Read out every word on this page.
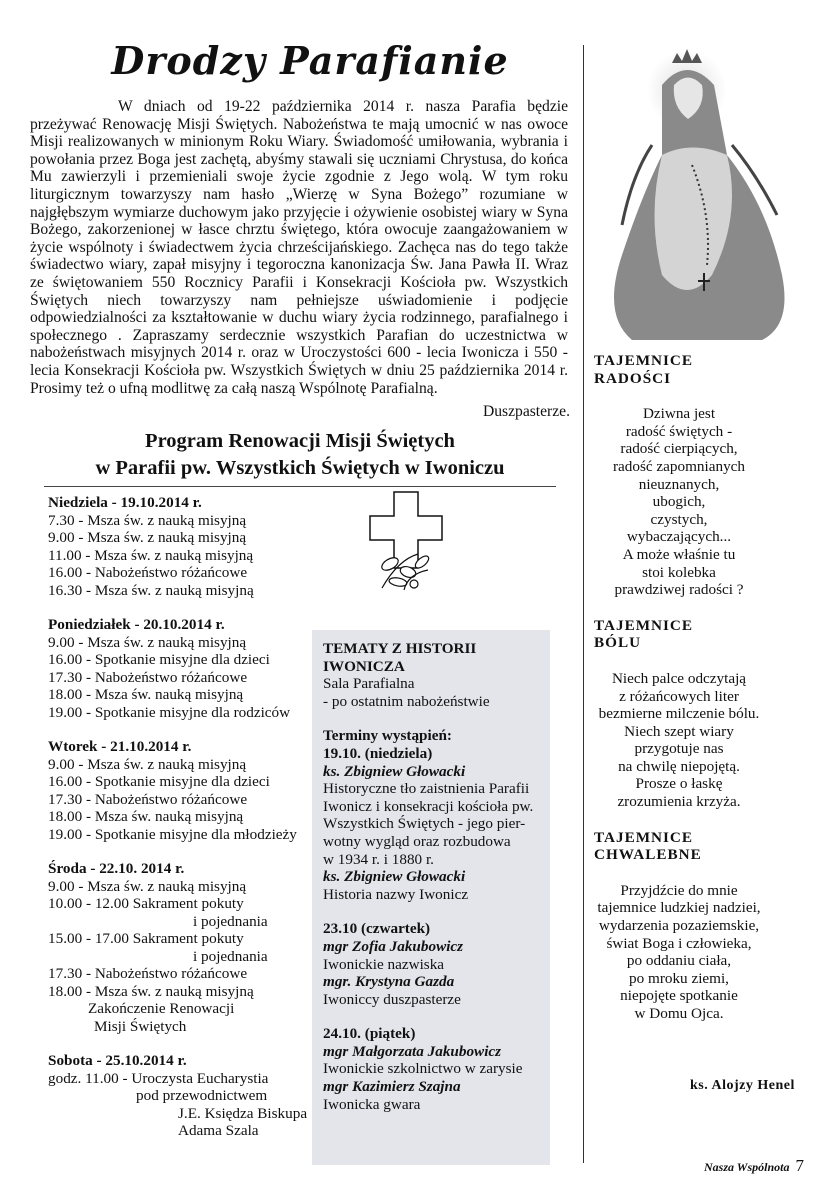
Drodzy Parafianie

W dniach od 19-22 października 2014 r. nasza Parafia będzie przeżywać Renowację Misji Świętych. Nabożeństwa te mają umocnić w nas owoce Misji realizowanych w minionym Roku Wiary. Świadomość umiłowania, wybrania i powołania przez Boga jest zachętą, abyśmy stawali się uczniami Chrystusa, do końca Mu zawierzyli i przemieniali swoje życie zgodnie z Jego wolą. W tym roku liturgicznym towarzyszy nam hasło „Wierzę w Syna Bożego” rozumiane w najgłębszym wymiarze duchowym jako przyjęcie i ożywienie osobistej wiary w Syna Bożego, zakorzenionej w łasce chrztu świętego, która owocuje zaangażowaniem w życie wspólnoty i świadectwem życia chrześcijańskiego. Zachęca nas do tego także świadectwo wiary, zapał misyjny i tegoroczna kanonizacja Św. Jana Pawła II. Wraz ze świętowaniem 550 Rocznicy Parafii i Konsekracji Kościoła pw. Wszystkich Świętych niech towarzyszy nam pełniejsze uświadomienie i podjęcie odpowiedzialności za kształtowanie w duchu wiary życia rodzinnego, parafialnego i społecznego . Zapraszamy serdecznie wszystkich Parafian do uczestnictwa w nabożeństwach misyjnych 2014 r. oraz w Uroczystości 600 - lecia Iwonicza i 550 - lecia Konsekracji Kościoła pw. Wszystkich Świętych w dniu 25 października 2014 r. Prosimy też o ufną modlitwę za całą naszą Wspólnotę Parafialną.

Duszpasterze.
Program Renowacji Misji Świętych
w Parafii pw. Wszystkich Świętych w Iwoniczu
Niedziela - 19.10.2014 r.
7.30 - Msza św. z nauką misyjną
9.00 - Msza św. z nauką misyjną
11.00 - Msza św. z nauką misyjną
16.00 - Nabożeństwo różańcowe
16.30 - Msza św. z nauką misyjną
Poniedziałek - 20.10.2014 r.
9.00 - Msza św. z nauką misyjną
16.00 - Spotkanie misyjne dla dzieci
17.30 - Nabożeństwo różańcowe
18.00 - Msza św. nauką misyjną
19.00 - Spotkanie misyjne dla rodziców
Wtorek - 21.10.2014 r.
9.00 - Msza św. z nauką misyjną
16.00 - Spotkanie misyjne dla dzieci
17.30 - Nabożeństwo różańcowe
18.00 - Msza św. nauką misyjną
19.00 - Spotkanie misyjne dla młodzieży
Środa - 22.10. 2014 r.
9.00 - Msza św. z nauką misyjną
10.00 - 12.00 Sakrament pokuty
i pojednania
15.00 - 17.00 Sakrament pokuty
i pojednania
17.30 - Nabożeństwo różańcowe
18.00 - Msza św. z nauką misyjną
Zakończenie Renowacji
Misji Świętych
Sobota - 25.10.2014 r.
godz. 11.00 - Uroczysta Eucharystia
pod przewodnictwem
J.E. Księdza Biskupa
Adama Szala
TEMATY Z HISTORII
IWONICZA
Sala Parafialna
- po ostatnim nabożeństwie
Terminy wystąpień:
19.10. (niedziela)
ks. Zbigniew Głowacki
Historyczne tło zaistnienia Parafii
Iwonicz i konsekracji kościoła pw.
Wszystkich Świętych - jego pier-
wotny wygląd oraz rozbudowa
w 1934 r. i 1880 r.
ks. Zbigniew Głowacki
Historia nazwy Iwonicz
23.10 (czwartek)
mgr Zofia Jakubowicz
Iwonickie nazwiska
mgr. Krystyna Gazda
Iwoniccy duszpasterze
24.10. (piątek)
mgr Małgorzata Jakubowicz
Iwonickie szkolnictwo w zarysie
mgr Kazimierz Szajna
Iwonicka gwara
TAJEMNICE
RADOŚCI
Dziwna jest
radość świętych -
radość cierpiących,
radość zapomnianych
nieuznanych,
ubogich,
czystych,
wybaczających...
A może właśnie tu
stoi kolebka
prawdziwej radości ?
TAJEMNICE
BÓLU
Niech palce odczytają
z różańcowych liter
bezmierne milczenie bólu.
Niech szept wiary
przygotuje nas
na chwilę niepojętą.
Prosze o łaskę
zrozumienia krzyża.
TAJEMNICE
CHWALEBNE
Przyjdźcie do mnie
tajemnice ludzkiej nadziei,
wydarzenia pozaziemskie,
świat Boga i człowieka,
po oddaniu ciała,
po mroku ziemi,
niepojęte spotkanie
w Domu Ojca.
ks. Alojzy Henel
Nasza Wspólnota 7
